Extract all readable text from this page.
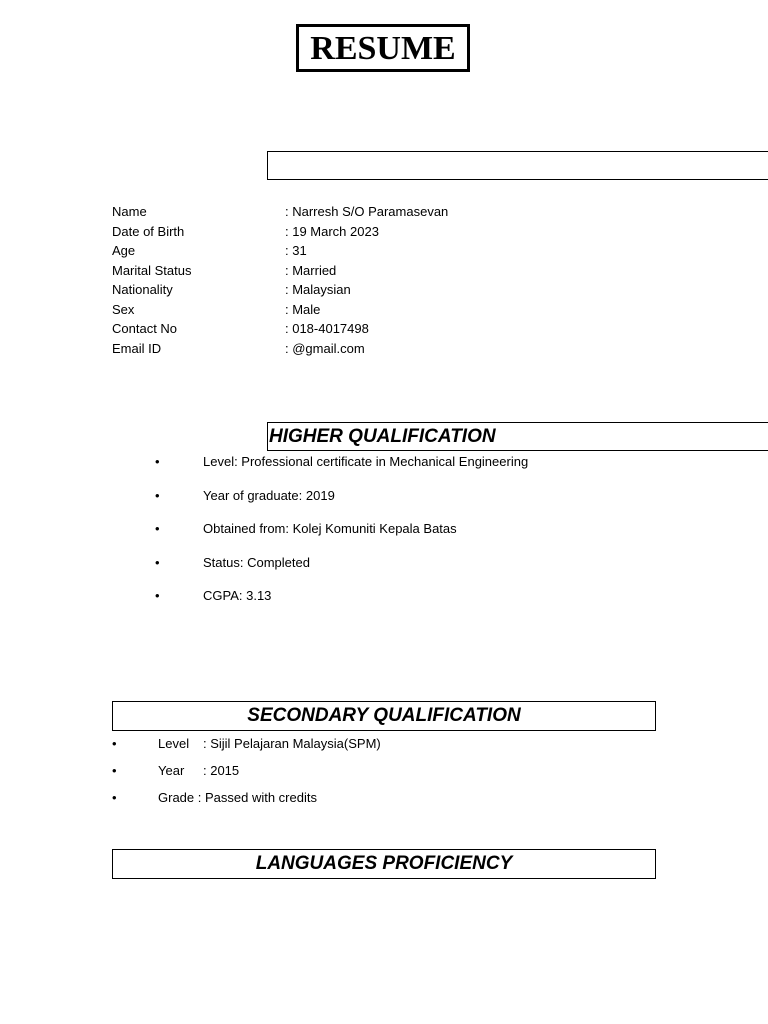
RESUME
Name	: Narresh S/O Paramasevan
Date of Birth	: 19 March 2023
Age	: 31
Marital Status	: Married
Nationality	: Malaysian
Sex	: Male
Contact No	: 018-4017498
Email ID	: @gmail.com
HIGHER QUALIFICATION
•	Level: Professional certificate in Mechanical Engineering
•	Year of graduate: 2019
•	Obtained from: Kolej Komuniti Kepala Batas
•	Status: Completed
•	CGPA: 3.13
SECONDARY QUALIFICATION
•	Level : Sijil Pelajaran Malaysia(SPM)
•	Year : 2015
•	Grade : Passed with credits
LANGUAGES PROFICIENCY
